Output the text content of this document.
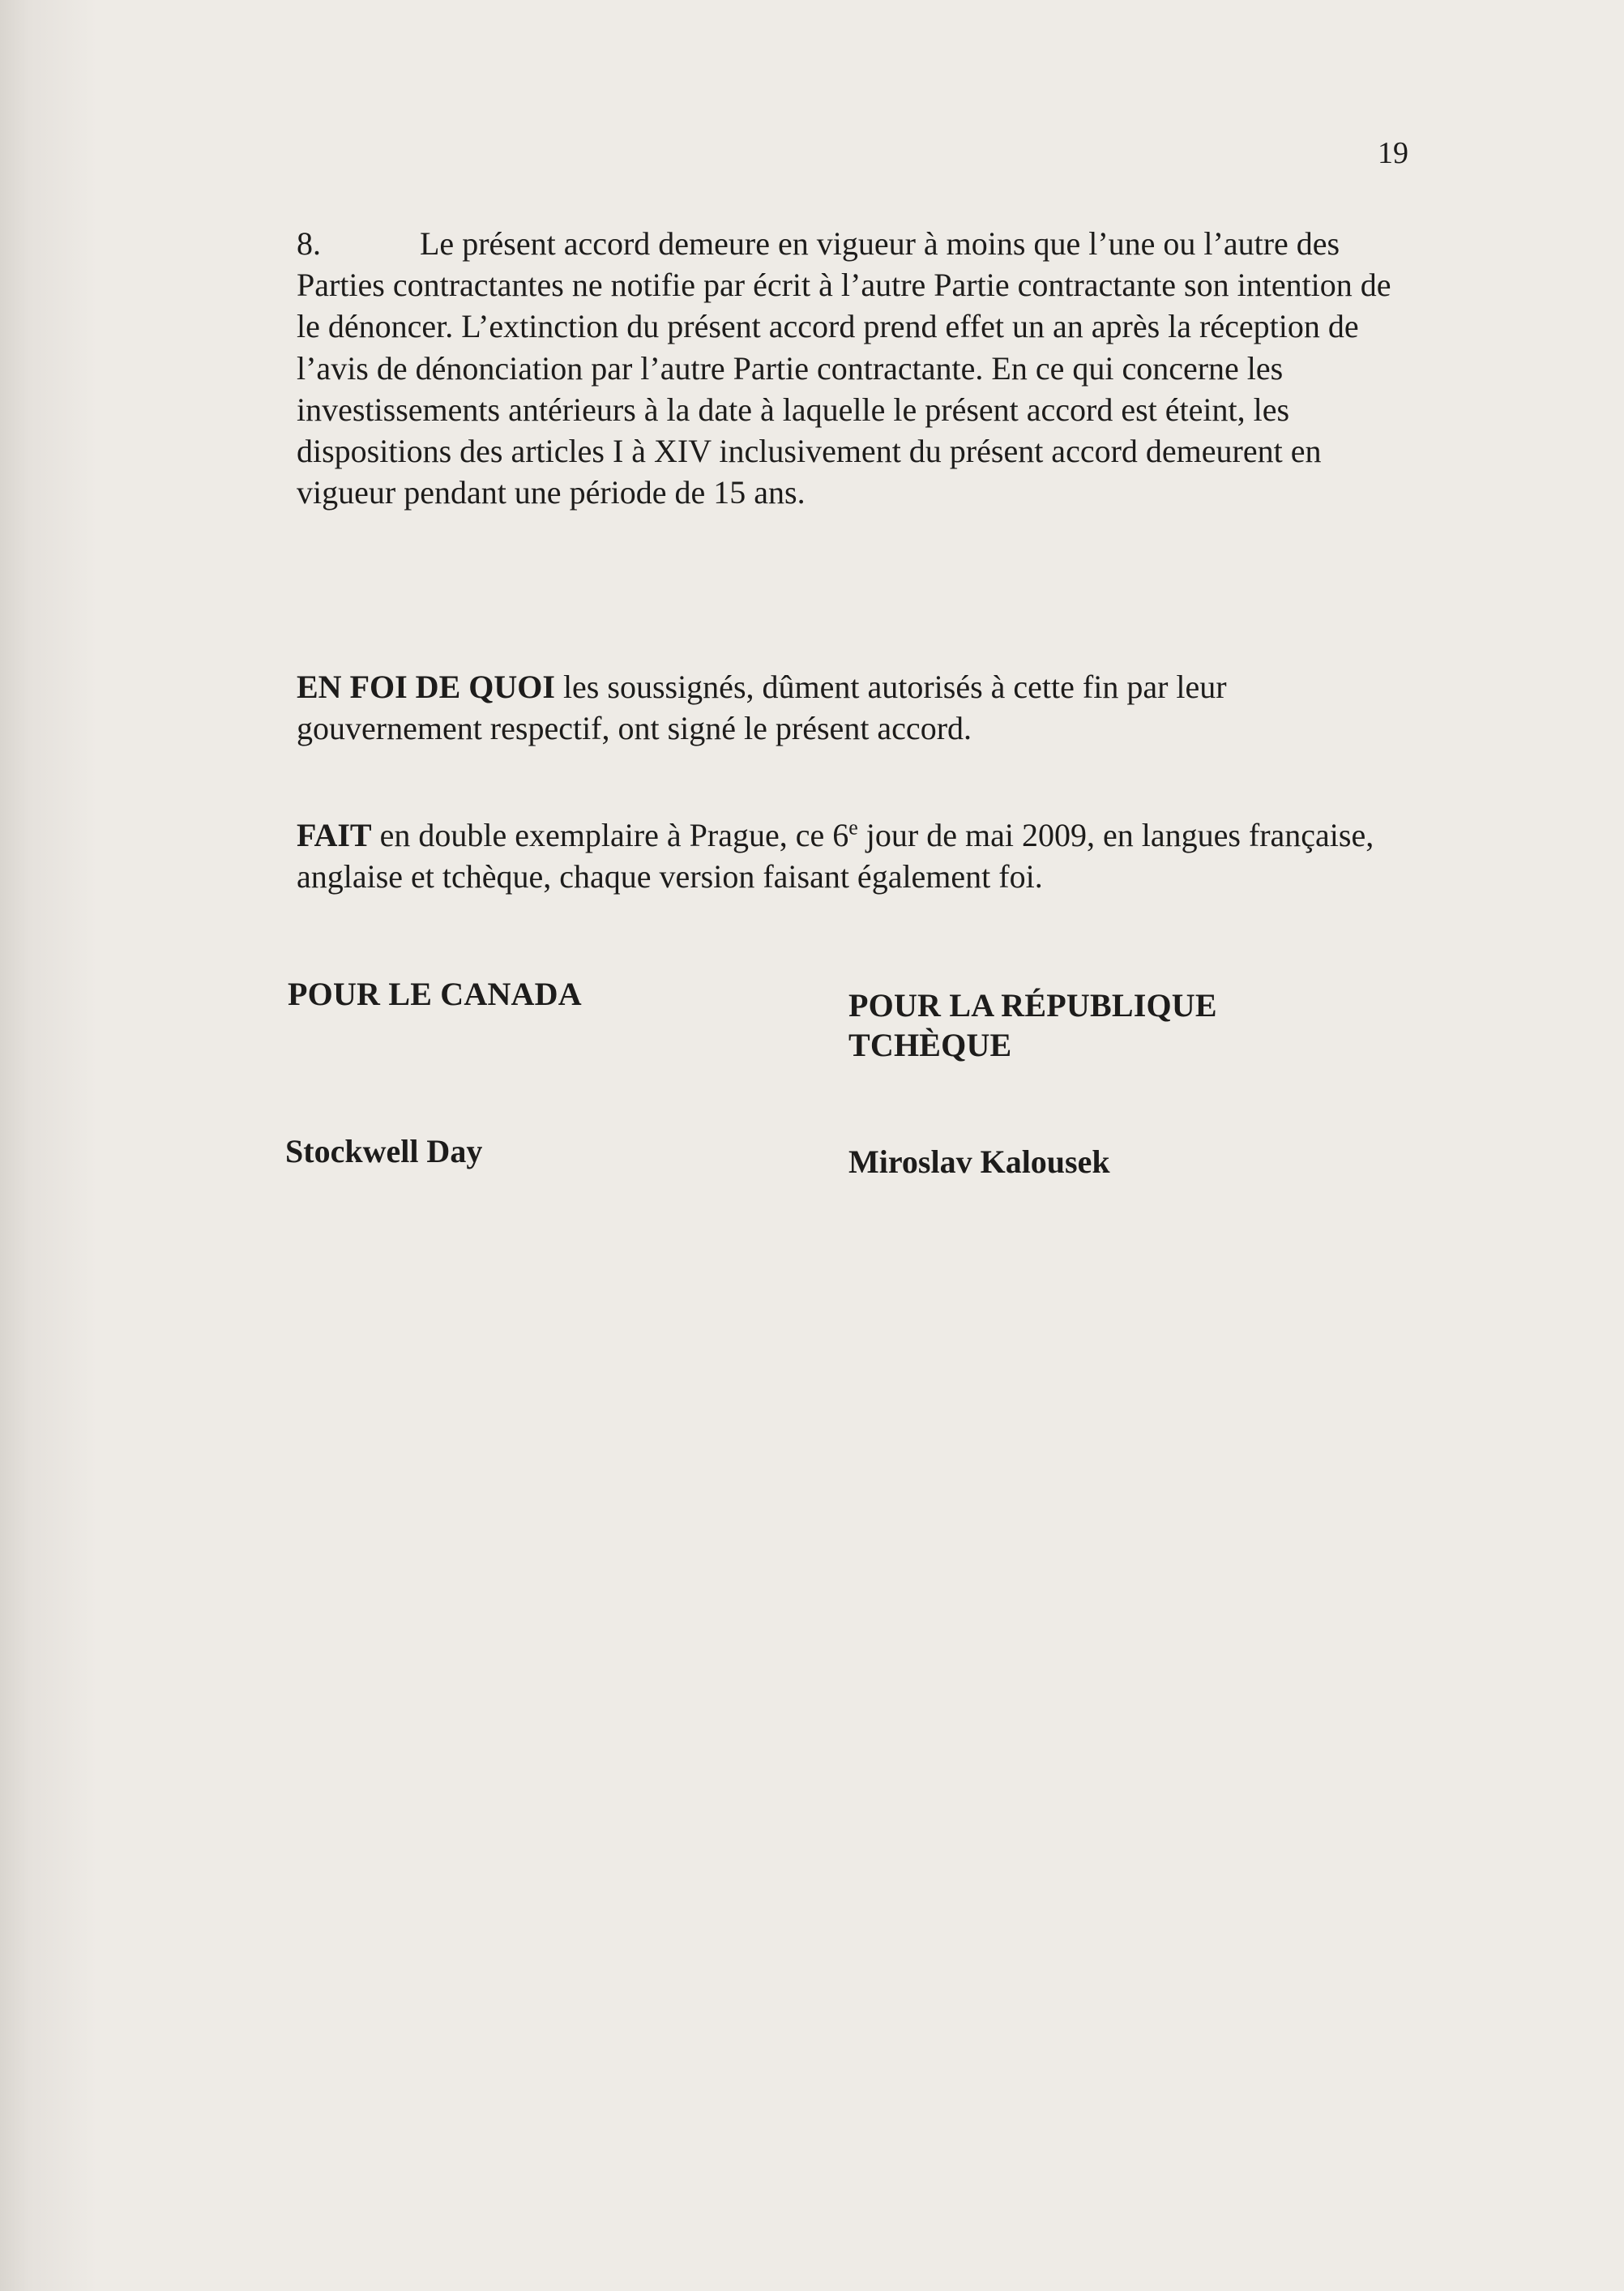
19
8.	Le présent accord demeure en vigueur à moins que l’une ou l’autre des Parties contractantes ne notifie par écrit à l’autre Partie contractante son intention de le dénoncer. L’extinction du présent accord prend effet un an après la réception de l’avis de dénonciation par l’autre Partie contractante. En ce qui concerne les investissements antérieurs à la date à laquelle le présent accord est éteint, les dispositions des articles I à XIV inclusivement du présent accord demeurent en vigueur pendant une période de 15 ans.
EN FOI DE QUOI les soussignés, dûment autorisés à cette fin par leur gouvernement respectif, ont signé le présent accord.
FAIT en double exemplaire à Prague, ce 6e jour de mai 2009, en langues française, anglaise et tchèque, chaque version faisant également foi.
POUR LE CANADA	POUR LA RÉPUBLIQUE TCHÈQUE
Stockwell Day	Miroslav Kalousek
